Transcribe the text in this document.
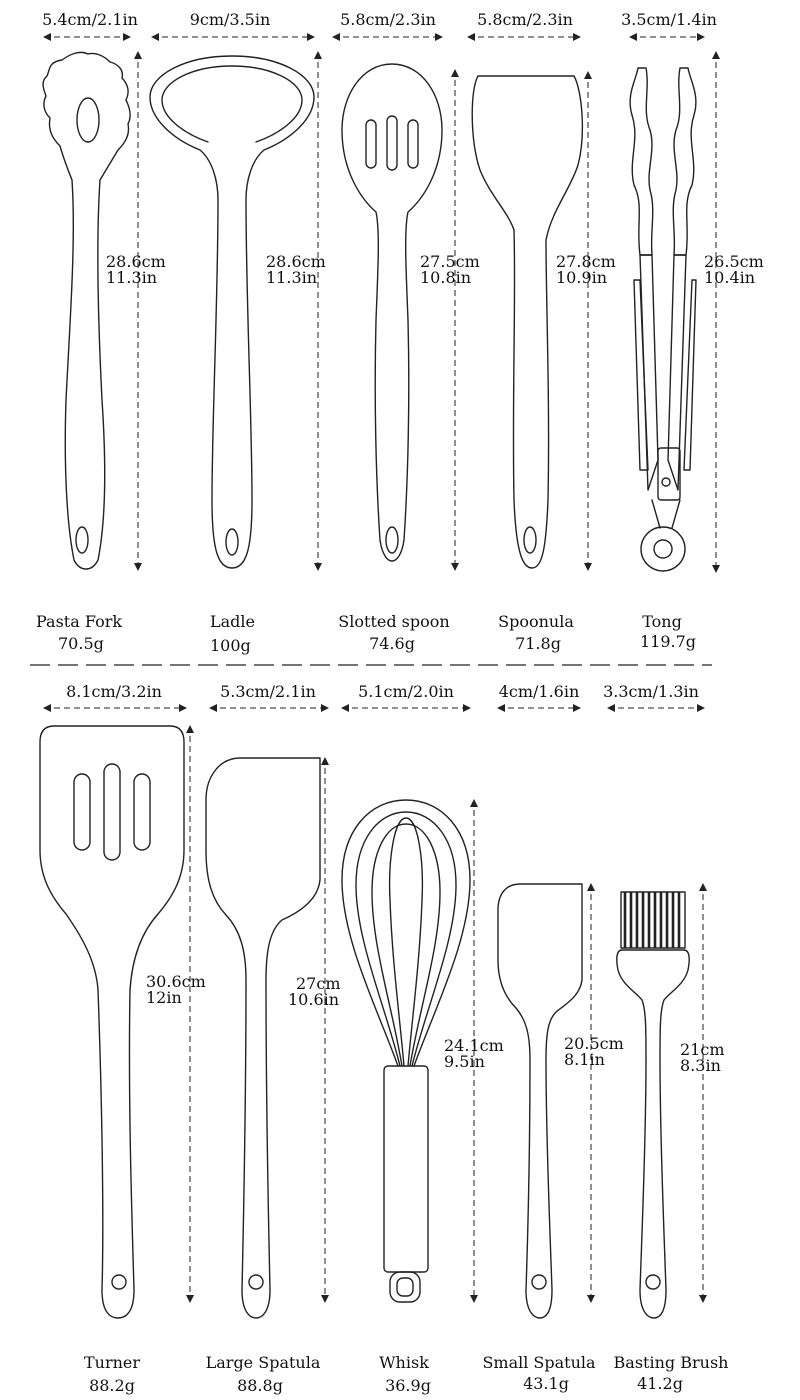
5.4cm/2.1in	9cm/3.5in	5.8cm/2.3in	5.8cm/2.3in	3.5cm/1.4in
28.6cm
11.3in
28.6cm
11.3in
27.5cm
10.8in
27.8cm
10.9in
26.5cm
10.4in
Pasta Fork
70.5g
Ladle
100g
Slotted spoon
74.6g
Spoonula
71.8g
Tong
119.7g
8.1cm/3.2in	5.3cm/2.1in	5.1cm/2.0in	4cm/1.6in 3.3cm/1.3in
30.6cm
12in
27cm
10.6in
24.1cm
9.5in
20.5cm
8.1in
21cm
8.3in
Turner
88.2g
Large Spatula
88.8g
Whisk
36.9g
Small Spatula
43.1g
Basting Brush
41.2g
